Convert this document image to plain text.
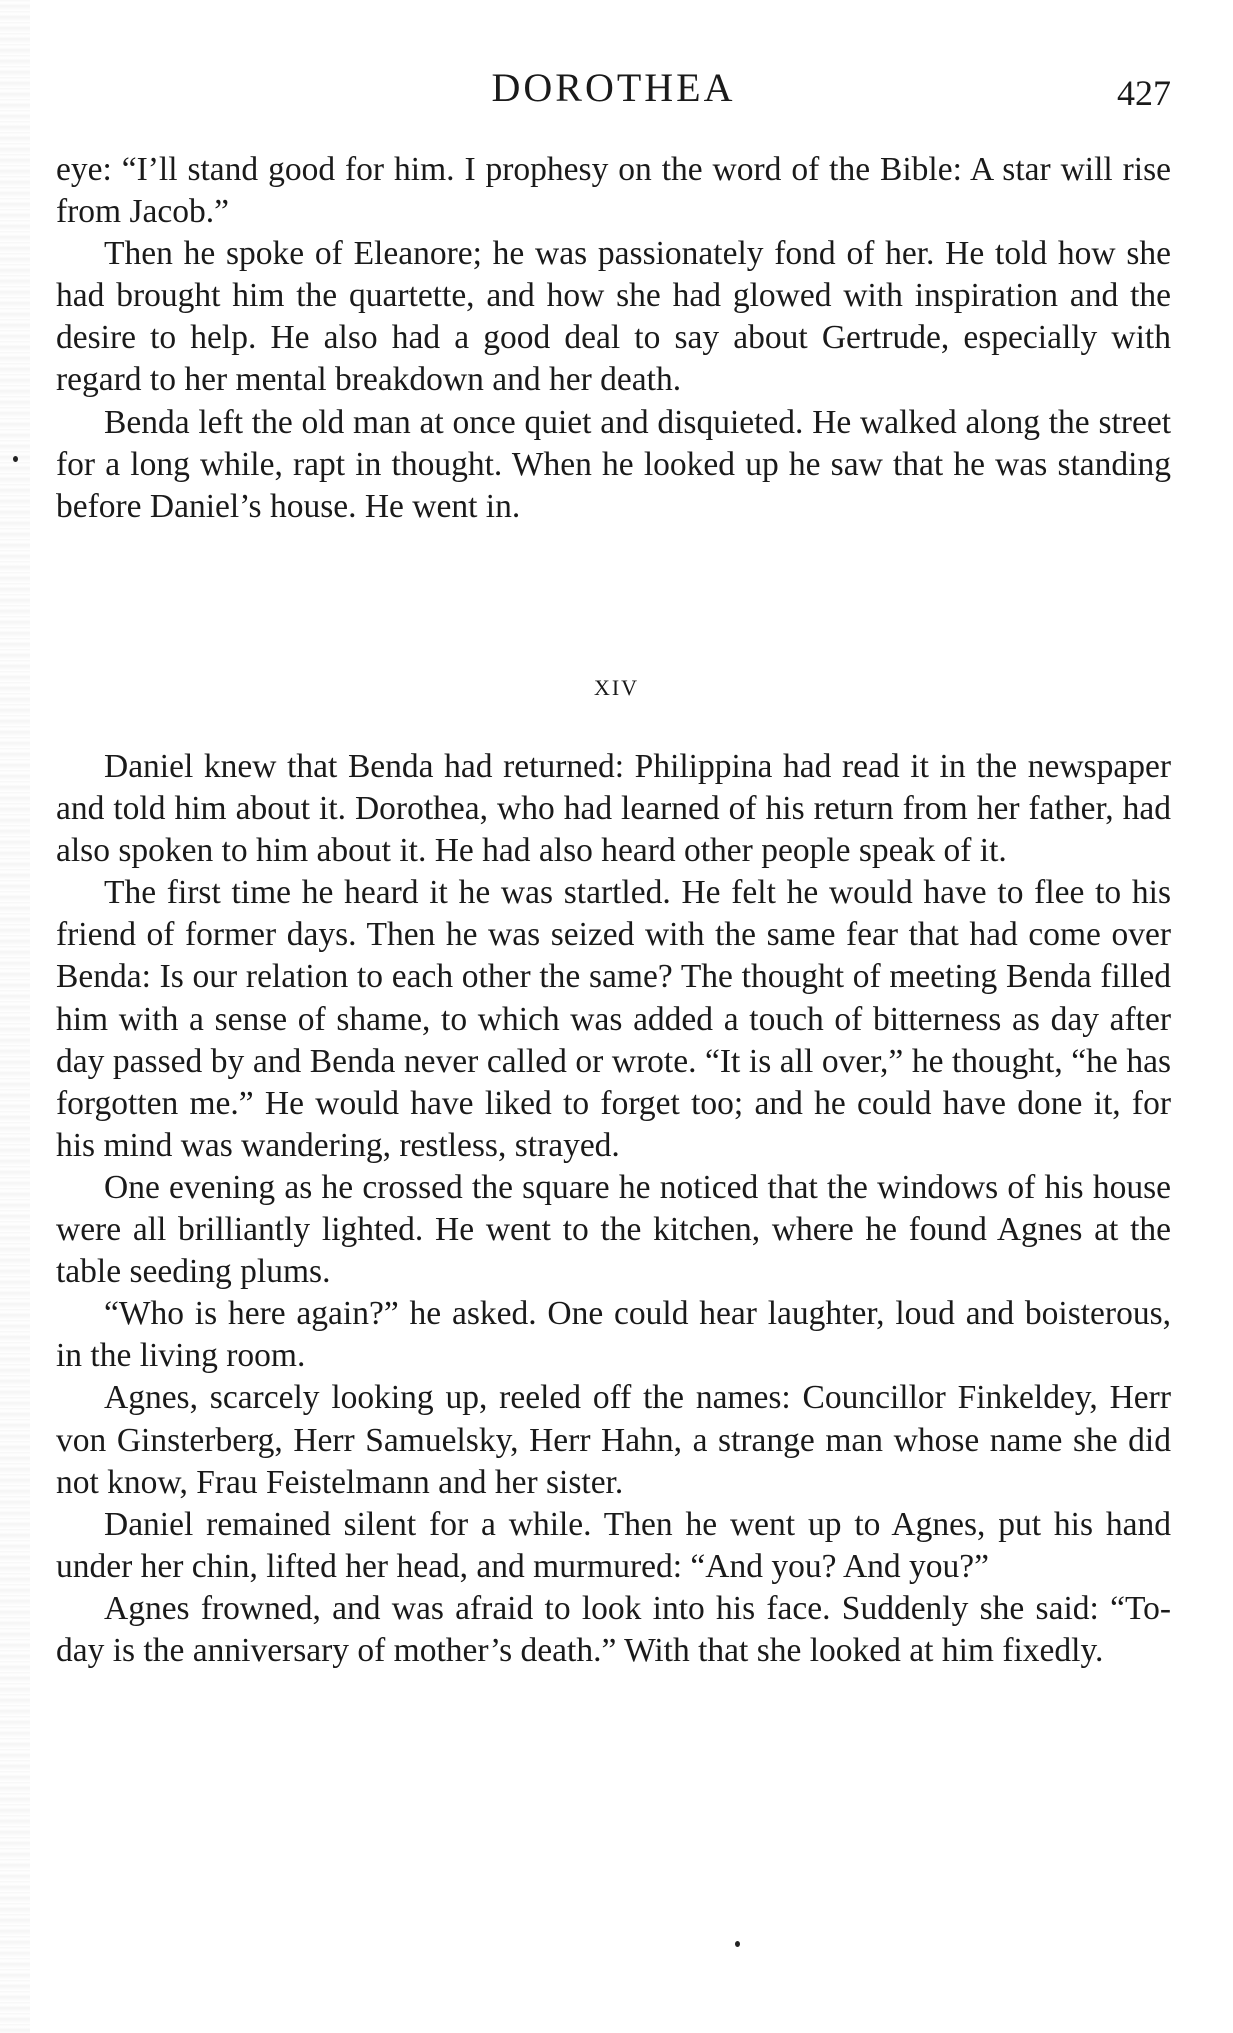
DOROTHEA	427

eye: “I’ll stand good for him. I prophesy on the word of the Bible: A star will rise from Jacob.”

Then he spoke of Eleanore; he was passionately fond of her. He told how she had brought him the quartette, and how she had glowed with inspiration and the desire to help. He also had a good deal to say about Gertrude, especially with regard to her mental breakdown and her death.

Benda left the old man at once quiet and disquieted. He walked along the street for a long while, rapt in thought. When he looked up he saw that he was standing before Daniel’s house. He went in.

XIV

Daniel knew that Benda had returned: Philippina had read it in the newspaper and told him about it. Dorothea, who had learned of his return from her father, had also spoken to him about it. He had also heard other people speak of it.

The first time he heard it he was startled. He felt he would have to flee to his friend of former days. Then he was seized with the same fear that had come over Benda: Is our relation to each other the same? The thought of meeting Benda filled him with a sense of shame, to which was added a touch of bitterness as day after day passed by and Benda never called or wrote. “It is all over,” he thought, “he has forgotten me.” He would have liked to forget too; and he could have done it, for his mind was wandering, restless, strayed.

One evening as he crossed the square he noticed that the windows of his house were all brilliantly lighted. He went to the kitchen, where he found Agnes at the table seeding plums.

“Who is here again?” he asked. One could hear laughter, loud and boisterous, in the living room.

Agnes, scarcely looking up, reeled off the names: Councillor Finkeldey, Herr von Ginsterberg, Herr Samuelsky, Herr Hahn, a strange man whose name she did not know, Frau Feistelmann and her sister.

Daniel remained silent for a while. Then he went up to Agnes, put his hand under her chin, lifted her head, and murmured: “And you? And you?”

Agnes frowned, and was afraid to look into his face. Suddenly she said: “To-day is the anniversary of mother’s death.” With that she looked at him fixedly.
